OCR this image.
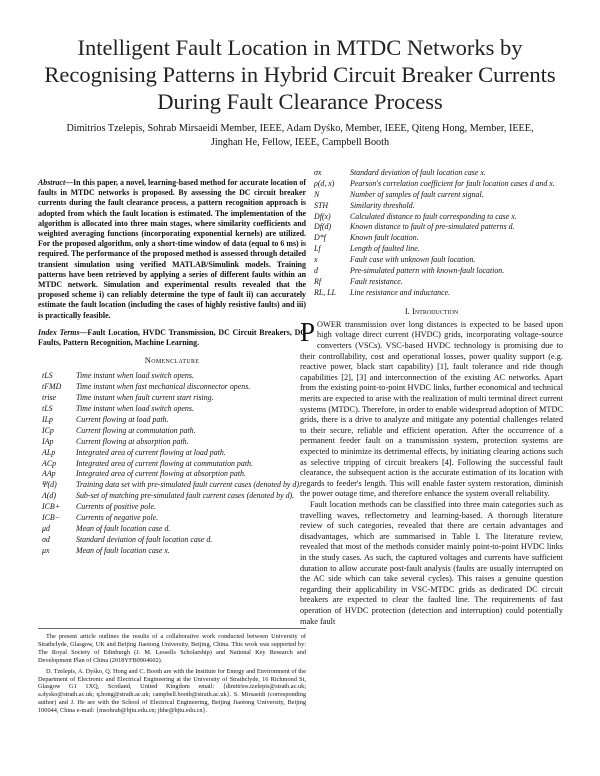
Intelligent Fault Location in MTDC Networks by Recognising Patterns in Hybrid Circuit Breaker Currents During Fault Clearance Process
Dimitrios Tzelepis, Sohrab Mirsaeidi Member, IEEE, Adam Dyśko, Member, IEEE, Qiteng Hong, Member, IEEE,
Jinghan He, Fellow, IEEE, Campbell Booth

Abstract—In this paper, a novel, learning-based method for accurate location of faults in MTDC networks is proposed. By assessing the DC circuit breaker currents during the fault clearance process, a pattern recognition approach is adopted from which the fault location is estimated. The implementation of the algorithm is allocated into three main stages, where similarity coefficients and weighted averaging functions (incorporating exponential kernels) are utilized. For the proposed algorithm, only a short-time window of data (equal to 6 ms) is required. The performance of the proposed method is assessed through detailed transient simulation using verified MATLAB/Simulink models. Training patterns have been retrieved by applying a series of different faults within an MTDC network. Simulation and experimental results revealed that the proposed scheme i) can reliably determine the type of fault ii) can accurately estimate the fault location (including the cases of highly resistive faults) and iii) is practically feasible.

Index Terms—Fault Location, HVDC Transmission, DC Circuit Breakers, DC Faults, Pattern Recognition, Machine Learning.

Nomenclature
tLS	Time instant when load switch opens.
tFMD	Time instant when fast mechanical disconnector opens.
trise	Time instant when fault current start rising.
tLS	Time instant when load switch opens.
ILp	Current flowing at load path.
ICp	Current flowing at commutation path.
IAp	Current flowing at absorption path.
ALp	Integrated area of current flowing at load path.
ACp	Integrated area of current flowing at commutation path.
AAp	Integrated area of current flowing at absorption path.
Ψ(d)	Training data set with pre-simulated fault current cases (denoted by d).
Λ(d)	Sub-set of matching pre-simulated fault current cases (denoted by d).
ICB+	Currents of positive pole.
ICB−	Currents of negative pole.
μd	Mean of fault location case d.
σd	Standard deviation of fault location case d.
μx	Mean of fault location case x.

The present article outlines the results of a collaborative work conducted between University of Strathclyde, Glasgow, UK and Beijing Jiaotong University, Beijing, China. This work was supported by: The Royal Society of Edinburgh (J. M. Lessells Scholarship) and National Key Research and Development Plan of China (2018YFB0904602).

D. Tzelepis, A. Dyśko, Q. Hong and C. Booth are with the Institute for Energy and Environment of the Department of Electronic and Electrical Engineering at the University of Strathclyde, 16 Richmond St, Glasgow G1 1XQ, Scotland, United Kingdom email: {dimitrios.tzelepis@strath.ac.uk; a.dysko@strath.ac.uk; q.hong@strath.ac.uk; campbell.booth@strath.ac.uk}. S. Mirsaeidi (corresponding author) and J. He are with the School of Electrical Engineering, Beijing Jiaotong University, Beijing 100044, China e-mail: {msohrab@bjtu.edu.cn; jhhe@bjtu.edu.cn}.

σx	Standard deviation of fault location case x.
ρ(d, x)	Pearson's correlation coefficient for fault location cases d and x.
N	Number of samples of fault current signal.
STH	Similarity threshold.
Df(x)	Calculated distance to fault corresponding to case x.
Df(d)	Known distance to fault of pre-simulated patterns d.
D*f	Known fault location.
Lf	Length of faulted line.
x	Fault case with unknown fault location.
d	Pre-simulated pattern with known-fault location.
Rf	Fault resistance.
RL, LL	Line resistance and inductance.
I. Introduction

POWER transmission over long distances is expected to be based upon high voltage direct current (HVDC) grids, incorporating voltage-source converters (VSCs). VSC-based HVDC technology is promising due to their controllability, cost and operational losses, power quality support (e.g. reactive power, black start capability) [1], fault tolerance and ride though capabilities [2], [3] and interconnection of the existing AC networks. Apart from the existing point-to-point HVDC links, further economical and technical merits are expected to arise with the realization of multi terminal direct current systems (MTDC). Therefore, in order to enable widespread adoption of MTDC grids, there is a drive to analyze and mitigate any potential challenges related to their secure, reliable and efficient operation. After the occurrence of a permanent feeder fault on a transmission system, protection systems are expected to minimize its detrimental effects, by initiating clearing actions such as selective tripping of circuit breakers [4]. Following the successful fault clearance, the subsequent action is the accurate estimation of its location with regards to feeder's length. This will enable faster system restoration, diminish the power outage time, and therefore enhance the system overall reliability.

Fault location methods can be classified into three main categories such as travelling waves, reflectometry and learning-based. A thorough literature review of such categories, revealed that there are certain advantages and disadvantages, which are summarised in Table I. The literature review, revealed that most of the methods consider mainly point-to-point HVDC links in the study cases. As such, the captured voltages and currents have sufficient duration to allow accurate post-fault analysis (faults are usually interrupted on the AC side which can take several cycles). This raises a genuine question regarding their applicability in VSC-MTDC grids as dedicated DC circuit breakers are expected to clear the faulted line. The requirements of fast operation of HVDC protection (detection and interruption) could potentially make fault
